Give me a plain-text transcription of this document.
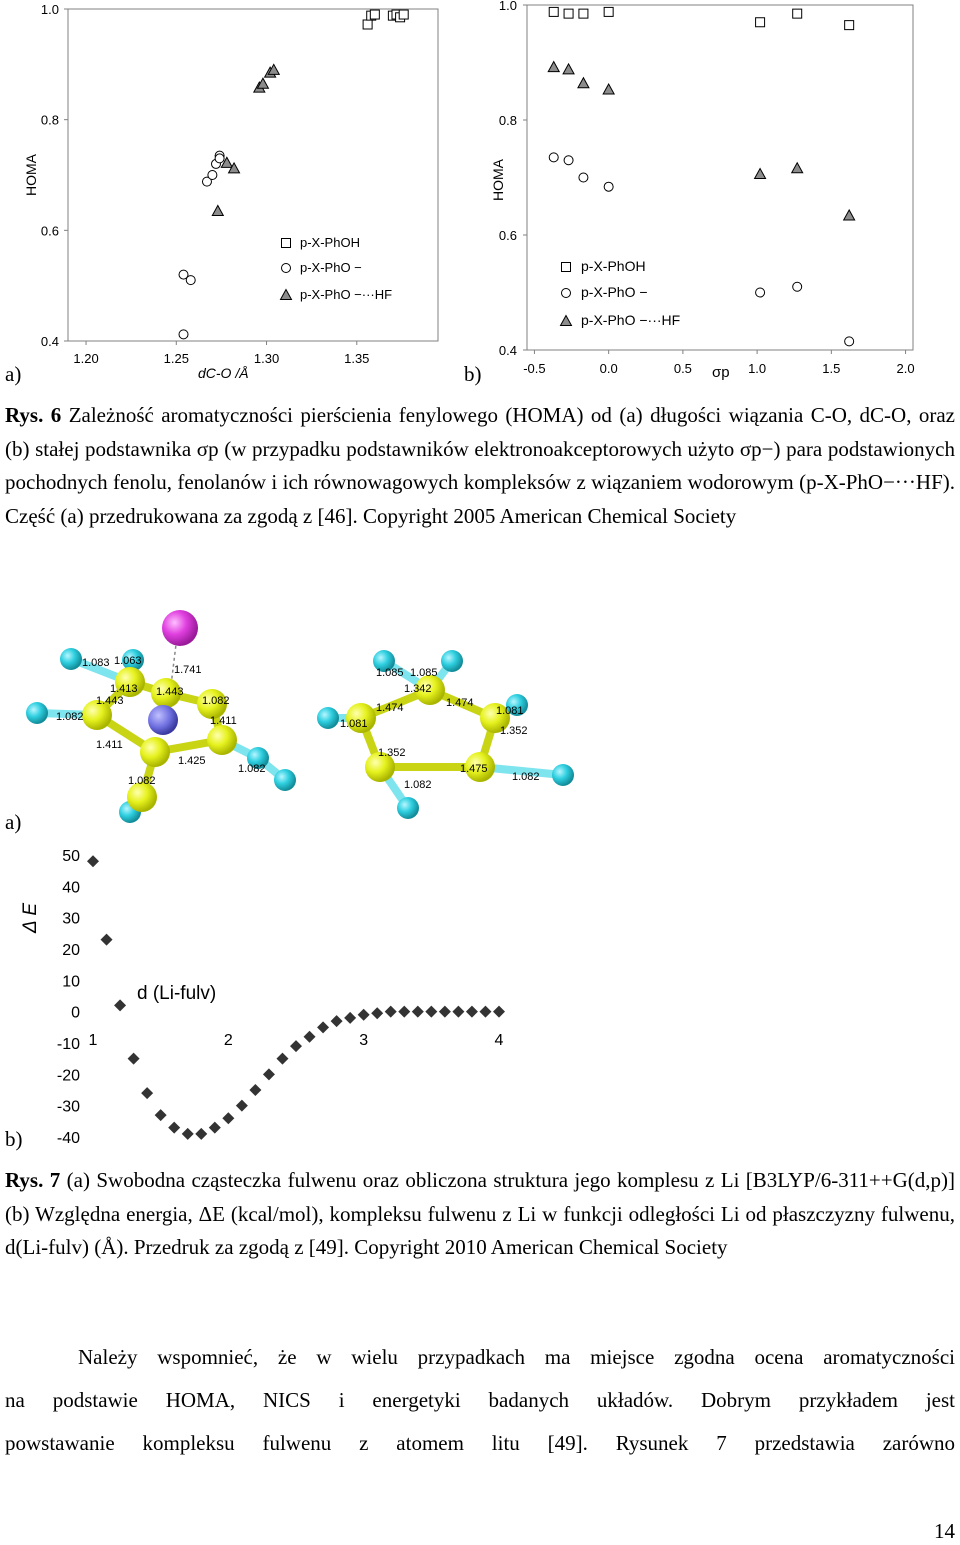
0.4
0.6
0.8
1.0
1.20	1.25	1.30	1.35
HOMA
dC-O /Å
p-X-PhOH
p-X-PhO −
p-X-PhO −···HF
0.4
0.6
0.8
1.0
-0.5	0.0	0.5	1.0	1.5	2.0
HOMA
σp
p-X-PhOH
p-X-PhO −
p-X-PhO −···HF
a)	b)
Rys. 6 Zależność aromatyczności pierścienia fenylowego (HOMA) od (a) długości wiązania C-O, dC-O, oraz (b) stałej podstawnika σp (w przypadku podstawników elektronoakceptorowych użyto σp−) para podstawionych pochodnych fenolu, fenolanów i ich równowagowych kompleksów z wiązaniem wodorowym (p-X-PhO−···HF). Część (a) przedrukowana za zgodą z [46]. Copyright 2005 American Chemical Society
1.083 1.063
1.741
1.413
1.443
1.443
1.082
1.082	1.411
1.411
1.425
1.082
1.082
1.085 1.085
1.342
1.474	1.474
1.081
1.081
1.352
1.352
1.475
1.082
1.082
a)
50
40
30
20
10
0
-10
-20
-30
-40
1	2	3	4
Δ E
d (Li-fulv)
b)
Rys. 7 (a) Swobodna cząsteczka fulwenu oraz obliczona struktura jego komplesu z Li [B3LYP/6-311++G(d,p)] (b) Względna energia, ΔE (kcal/mol), kompleksu fulwenu z Li w funkcji odległości Li od płaszczyzny fulwenu, d(Li-fulv) (Å). Przedruk za zgodą z [49]. Copyright 2010 American Chemical Society
Należy wspomnieć, że w wielu przypadkach ma miejsce zgodna ocena aromatyczności
na podstawie HOMA, NICS i energetyki badanych układów. Dobrym przykładem jest
powstawanie kompleksu fulwenu z atomem litu [49]. Rysunek 7 przedstawia zarówno
14
